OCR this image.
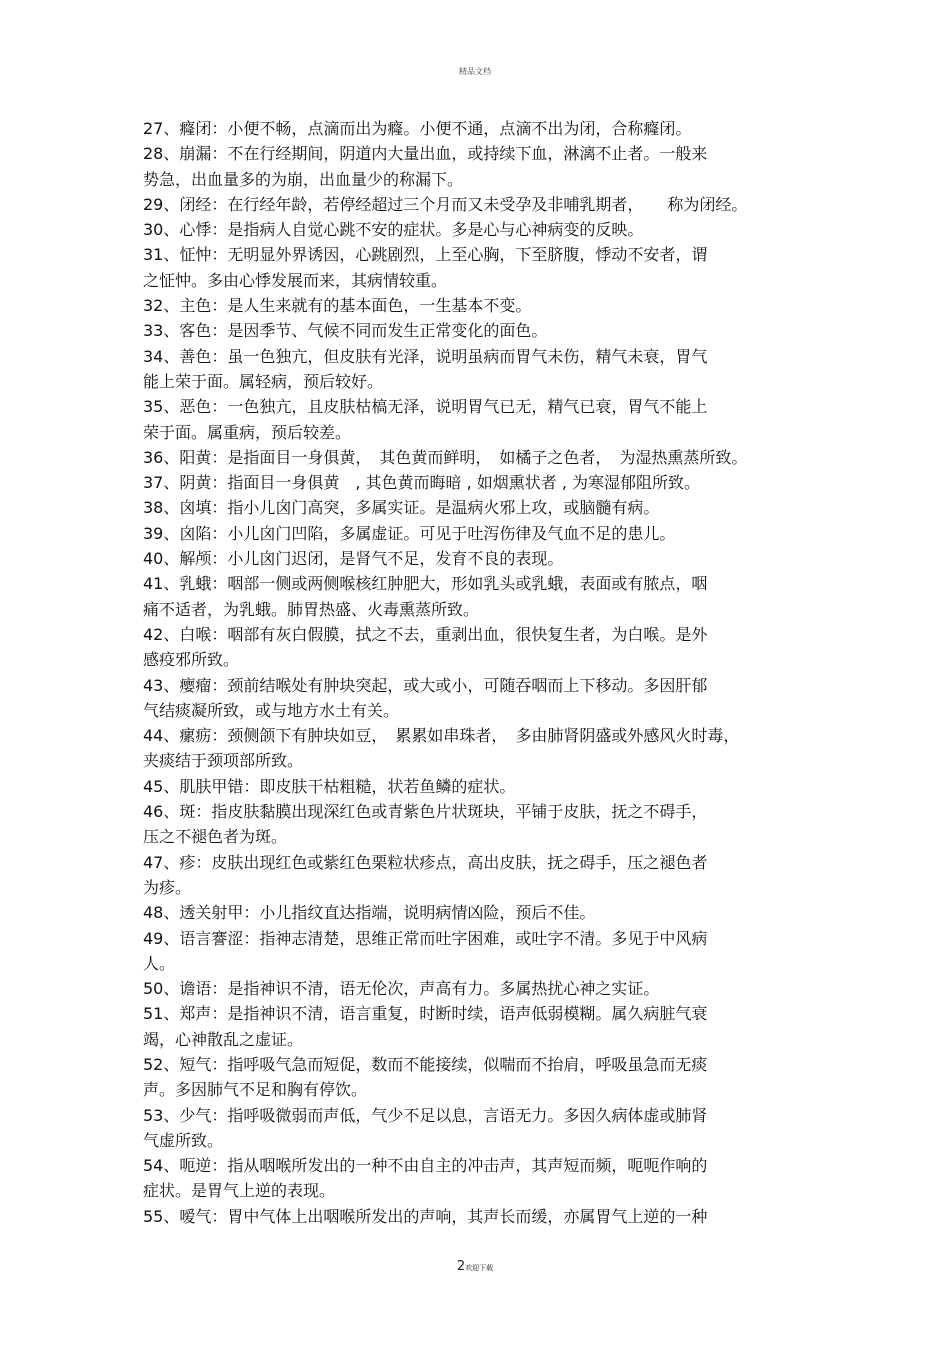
精品文档
27、癃闭：小便不畅，点滴而出为癃。小便不通，点滴不出为闭，合称癃闭。
28、崩漏：不在行经期间，阴道内大量出血，或持续下血，淋漓不止者。一般来
势急，出血量多的为崩，出血量少的称漏下。
29、闭经：在行经年龄，若停经超过三个月而又未受孕及非哺乳期者，　　称为闭经。
30、心悸：是指病人自觉心跳不安的症状。多是心与心神病变的反映。
31、怔忡：无明显外界诱因，心跳剧烈，上至心胸，下至脐腹，悸动不安者，谓
之怔忡。多由心悸发展而来，其病情较重。
32、主色：是人生来就有的基本面色，一生基本不变。
33、客色：是因季节、气候不同而发生正常变化的面色。
34、善色：虽一色独亢，但皮肤有光泽，说明虽病而胃气未伤，精气未衰，胃气
能上荣于面。属轻病，预后较好。
35、恶色：一色独亢，且皮肤枯槁无泽，说明胃气已无，精气已衰，胃气不能上
荣于面。属重病，预后较差。
36、阳黄：是指面目一身俱黄，　其色黄而鲜明，　如橘子之色者，　为湿热熏蒸所致。
37、阴黄：指面目一身俱黄　, 其色黄而晦暗 , 如烟熏状者 , 为寒湿郁阻所致。
38、囟填：指小儿囟门高突，多属实证。是温病火邪上攻，或脑髓有病。
39、囟陷：小儿囟门凹陷，多属虚证。可见于吐泻伤律及气血不足的患儿。
40、解颅：小儿囟门迟闭，是肾气不足，发育不良的表现。
41、乳蛾：咽部一侧或两侧喉核红肿肥大，形如乳头或乳蛾，表面或有脓点，咽
痛不适者，为乳蛾。肺胃热盛、火毒熏蒸所致。
42、白喉：咽部有灰白假膜，拭之不去，重剥出血，很快复生者，为白喉。是外
感疫邪所致。
43、瘿瘤：颈前结喉处有肿块突起，或大或小，可随吞咽而上下移动。多因肝郁
气结痰凝所致，或与地方水土有关。
44、瘰疬：颈侧颌下有肿块如豆，　累累如串珠者，　多由肺肾阴盛或外感风火时毒，
夹痰结于颈项部所致。
45、肌肤甲错：即皮肤干枯粗糙，状若鱼鳞的症状。
46、斑：指皮肤黏膜出现深红色或青紫色片状斑块，平铺于皮肤，抚之不碍手，
压之不褪色者为斑。
47、疹：皮肤出现红色或紫红色栗粒状疹点，高出皮肤，抚之碍手，压之褪色者
为疹。
48、透关射甲：小儿指纹直达指端，说明病情凶险，预后不佳。
49、语言謇涩：指神志清楚，思维正常而吐字困难，或吐字不清。多见于中风病
人。
50、谵语：是指神识不清，语无伦次，声高有力。多属热扰心神之实证。
51、郑声：是指神识不清，语言重复，时断时续，语声低弱模糊。属久病脏气衰
竭，心神散乱之虚证。
52、短气：指呼吸气急而短促，数而不能接续，似喘而不抬肩，呼吸虽急而无痰
声。多因肺气不足和胸有停饮。
53、少气：指呼吸微弱而声低，气少不足以息，言语无力。多因久病体虚或肺肾
气虚所致。
54、呃逆：指从咽喉所发出的一种不由自主的冲击声，其声短而频，呃呃作响的
症状。是胃气上逆的表现。
55、嗳气：胃中气体上出咽喉所发出的声响，其声长而缓，亦属胃气上逆的一种
2欢迎下载
